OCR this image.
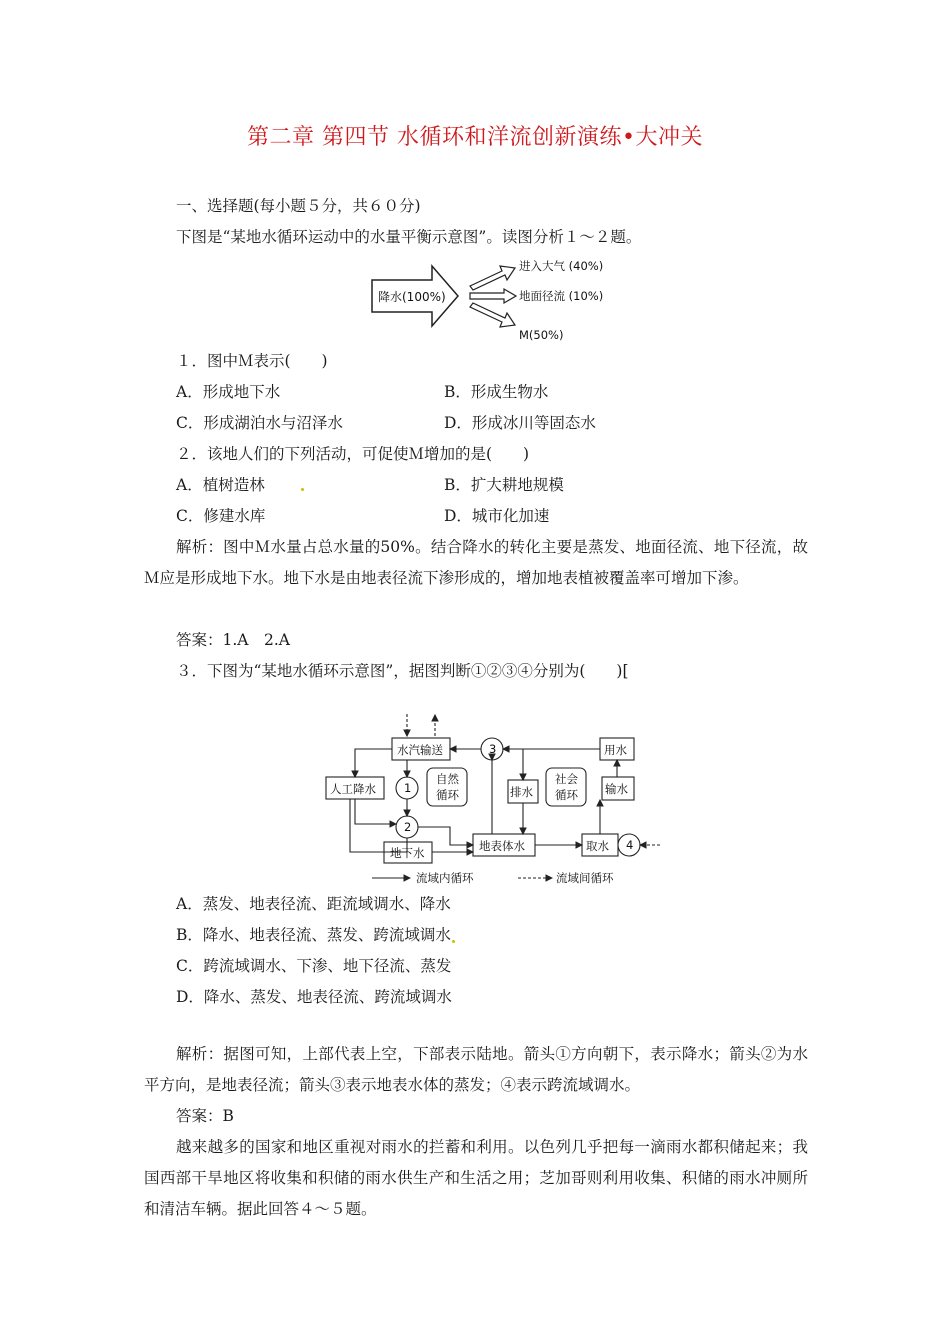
第二章 第四节 水循环和洋流创新演练•大冲关
一、选择题(每小题５分，共６０分)
下图是“某地水循环运动中的水量平衡示意图”。读图分析１～２题。
降水(100%)
进入大气 (40%)
地面径流 (10%)
M(50%)
１．图中Ｍ表示(　　)
A．形成地下水	B．形成生物水
C．形成湖泊水与沼泽水	D．形成冰川等固态水
２．该地人们的下列活动，可促使Ｍ增加的是(　　)
A．植树造林	B．扩大耕地规模
C．修建水库	D．城市化加速
解析：图中Ｍ水量占总水量的50%。结合降水的转化主要是蒸发、地面径流、地下径流，故Ｍ应是形成地下水。地下水是由地表径流下渗形成的，增加地表植被覆盖率可增加下渗。
答案：1.A　2.A
３．下图为“某地水循环示意图”，据图判断①②③④分别为(　　)[
水汽输送
人工降水
地下水	地表体水
排水
用水
输水
取水
自然循环
社会循环
1
2
3
4
流域内循环	流域间循环
A．蒸发、地表径流、距流域调水、降水
B．降水、地表径流、蒸发、跨流域调水
C．跨流域调水、下渗、地下径流、蒸发
D．降水、蒸发、地表径流、跨流域调水
解析：据图可知，上部代表上空，下部表示陆地。箭头①方向朝下，表示降水；箭头②为水平方向，是地表径流；箭头③表示地表水体的蒸发；④表示跨流域调水。
答案：B
越来越多的国家和地区重视对雨水的拦蓄和利用。以色列几乎把每一滴雨水都积储起来；我国西部干旱地区将收集和积储的雨水供生产和生活之用；芝加哥则利用收集、积储的雨水冲厕所和清洁车辆。据此回答４～５题。
